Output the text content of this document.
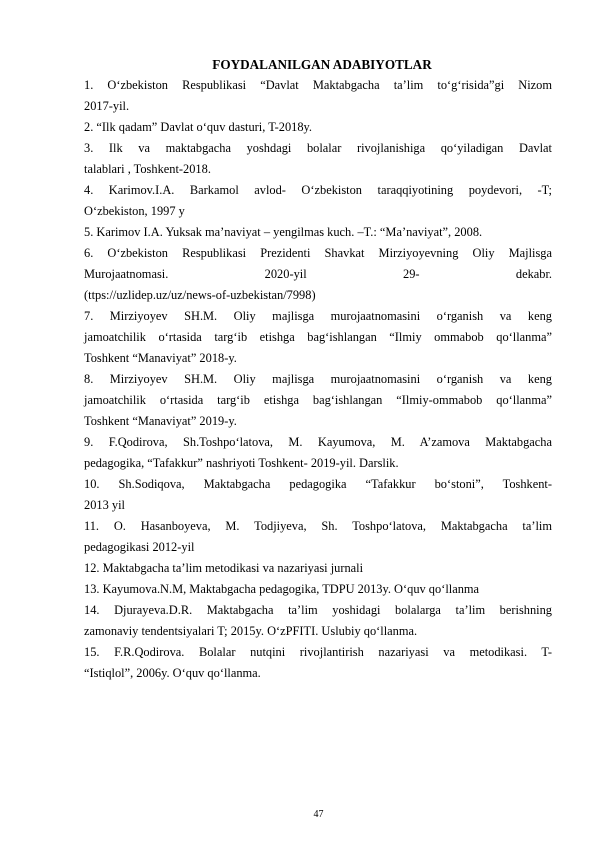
FOYDALANILGAN ADABIYOTLAR
1. O‘zbekiston Respublikasi “Davlat Maktabgacha ta’lim to‘g‘risida”gi Nizom
2017-yil.
2. “Ilk qadam” Davlat o‘quv dasturi, T-2018y.
3. Ilk va maktabgacha yoshdagi bolalar rivojlanishiga qo‘yiladigan Davlat
talablari , Toshkent-2018.
4. Karimov.I.A. Barkamol avlod- O‘zbekiston taraqqiyotining poydevori, -T;
O‘zbekiston, 1997 y
5. Karimov I.A. Yuksak ma’naviyat – yengilmas kuch. –T.: “Ma’naviyat”, 2008.
6. O‘zbekiston Respublikasi Prezidenti Shavkat Mirziyoyevning Oliy Majlisga
Murojaatnomasi. 2020-yil 29- dekabr.
(ttps://uzlidep.uz/uz/news-of-uzbekistan/7998)
7. Mirziyoyev SH.M. Oliy majlisga murojaatnomasini o‘rganish va keng
jamoatchilik o‘rtasida targ‘ib etishga bag‘ishlangan “Ilmiy ommabob qo‘llanma”
Toshkent “Manaviyat” 2018-y.
8. Mirziyoyev SH.M. Oliy majlisga murojaatnomasini o‘rganish va keng
jamoatchilik o‘rtasida targ‘ib etishga bag‘ishlangan “Ilmiy-ommabob qo‘llanma”
Toshkent “Manaviyat” 2019-y.
9. F.Qodirova, Sh.Toshpo‘latova, M. Kayumova, M. A’zamova Maktabgacha
pedagogika, “Tafakkur” nashriyoti Toshkent- 2019-yil. Darslik.
10. Sh.Sodiqova, Maktabgacha pedagogika “Tafakkur bo‘stoni”, Toshkent-
2013 yil
11. O. Hasanboyeva, M. Todjiyeva, Sh. Toshpo‘latova, Maktabgacha ta’lim
pedagogikasi 2012-yil
12. Maktabgacha ta’lim metodikasi va nazariyasi jurnali
13. Kayumova.N.M, Maktabgacha pedagogika, TDPU 2013y. O‘quv qo‘llanma
14. Djurayeva.D.R. Maktabgacha ta’lim yoshidagi bolalarga ta’lim berishning
zamonaviy tendentsiyalari T; 2015y. O‘zPFITI. Uslubiy qo‘llanma.
15. F.R.Qodirova. Bolalar nutqini rivojlantirish nazariyasi va metodikasi. T-
“Istiqlol”, 2006y. O‘quv qo‘llanma.
47
